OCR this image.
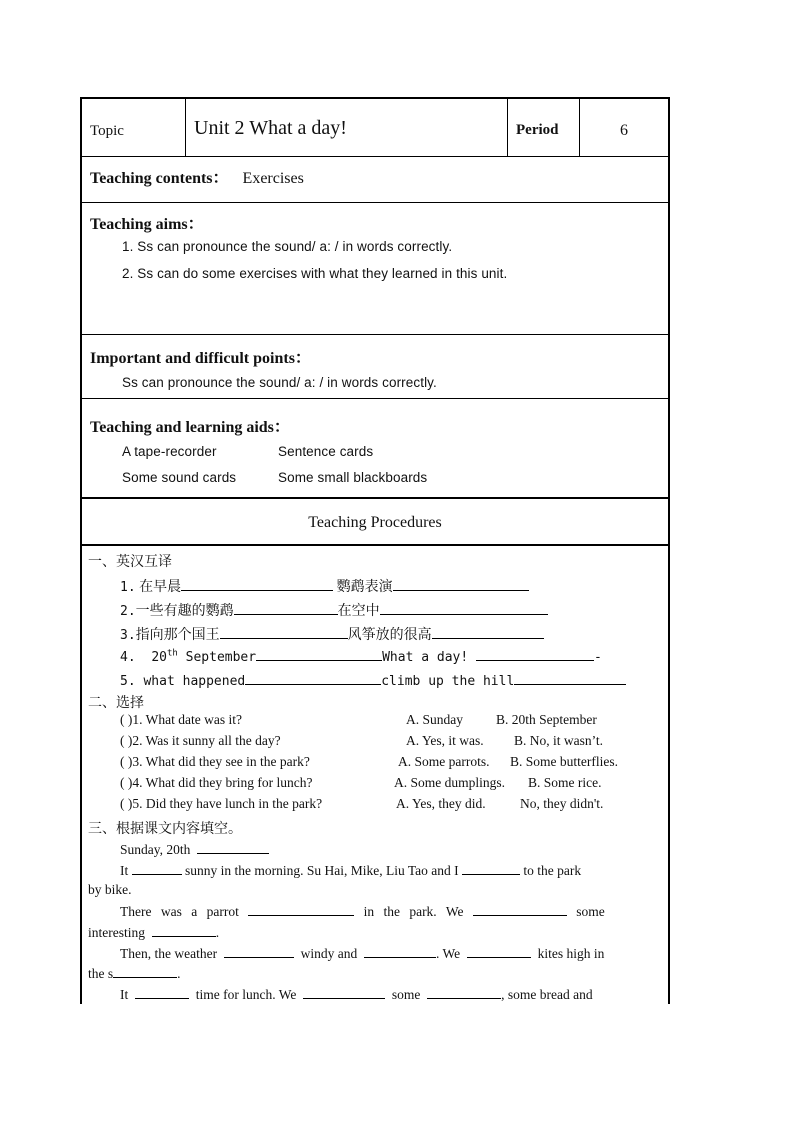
Topic	Unit 2 What a day!	Period	6
Teaching contents： Exercises
Teaching aims：
1. Ss can pronounce the sound/ a: / in words correctly.
2. Ss can do some exercises with what they learned in this unit.
Important and difficult points：
Ss can pronounce the sound/ a: / in words correctly.
Teaching and learning aids：
A tape-recorder	Sentence cards
Some sound cards	Some small blackboards
Teaching Procedures
一、英汉互译
1. 在早晨	鹦鹉表演
2.一些有趣的鹦鹉	在空中
3.指向那个国王	风筝放的很高
4. 20th September	What a day!	-
5. what happened	climb up the hill
二、选择
( )1. What date was it?	A. Sunday B. 20th September
( )2. Was it sunny all the day?	A. Yes, it was. B. No, it wasn’t.
( )3. What did they see in the park?	A. Some parrots. B. Some butterflies.
( )4. What did they bring for lunch?	A. Some dumplings. B. Some rice.
( )5. Did they have lunch in the park?	A. Yes, they did.	No, they didn't.
三、根据课文内容填空。
Sunday, 20th
It	sunny in the morning. Su Hai, Mike, Liu Tao and I	to the park
by bike.
There was a parrot	in the park. We	some
interesting	.
Then, the weather	windy and	. We	kites high in
the s	.
It	time for lunch. We	some	, some bread and
